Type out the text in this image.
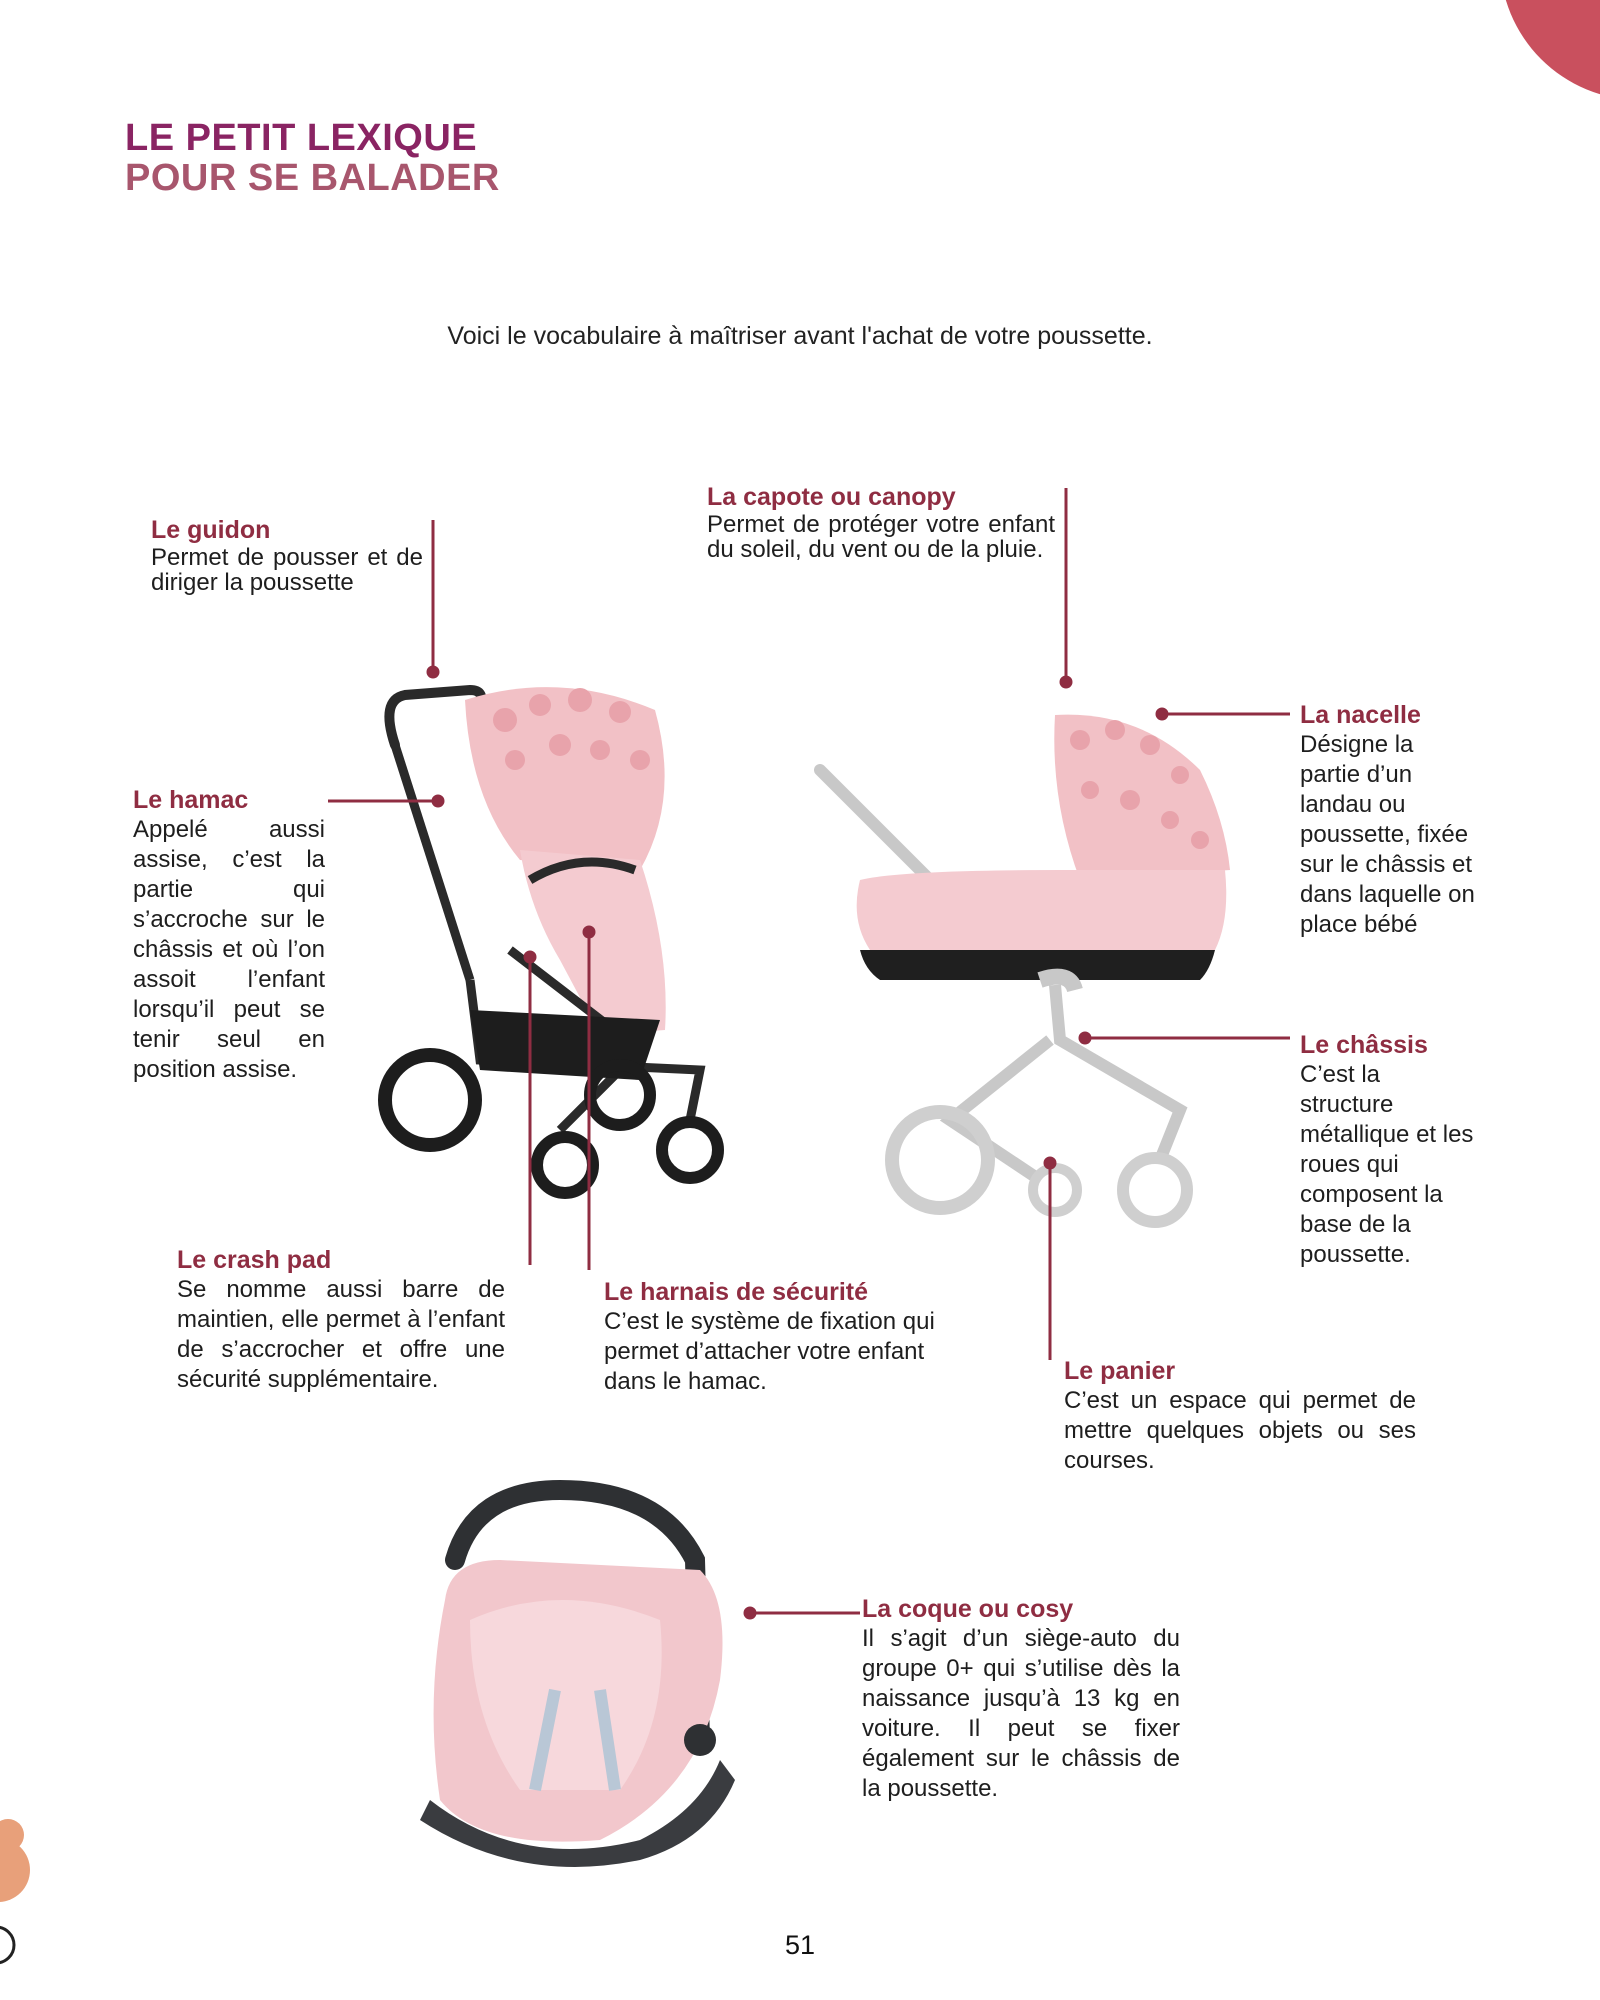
LE PETIT LEXIQUE
POUR SE BALADER
Voici le vocabulaire à maîtriser avant l'achat de votre poussette.
Le guidon
Permet de pousser et de diriger la poussette
La capote ou canopy
Permet de protéger votre enfant du soleil, du vent ou de la pluie.
La nacelle
Désigne la partie d’un landau ou poussette, fixée sur le châssis et dans laquelle on place bébé
Le hamac
Appelé aussi assise, c’est la partie qui s’accroche sur le châssis et où l’on assoit l’enfant lorsqu’il peut se tenir seul en position assise.
Le châssis
C’est la structure métallique et les roues qui composent la base de la poussette.
Le crash pad
Se nomme aussi barre de maintien, elle permet à l’enfant de s’accrocher et offre une sécurité supplémentaire.
Le harnais de sécurité
C’est le système de fixation qui permet d’attacher votre enfant dans le hamac.	Le panier
C’est un espace qui permet de mettre quelques objets ou ses courses.
La coque ou cosy
Il s’agit d’un siège-auto du groupe 0+ qui s’utilise dès la naissance jusqu’à 13 kg en voiture. Il peut se fixer également sur le châssis de la poussette.
51
